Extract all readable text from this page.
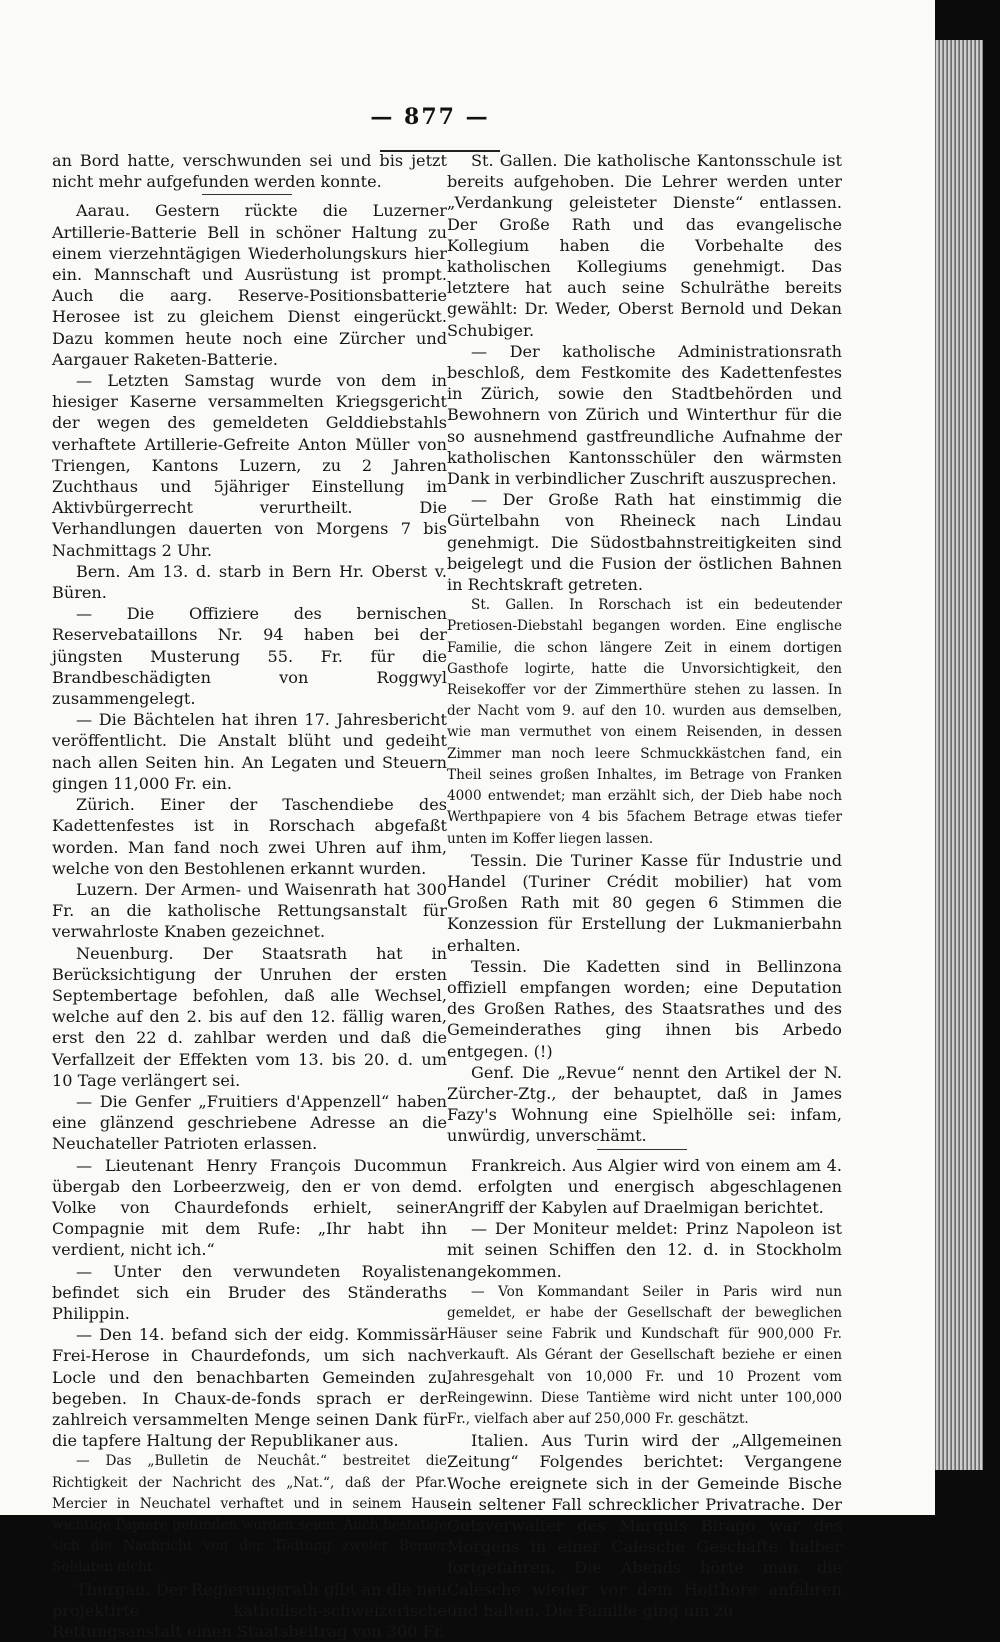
— 877 —

an Bord hatte, verschwunden sei und bis jetzt nicht mehr aufgefunden werden konnte.

Aarau. Gestern rückte die Luzerner Artillerie-Batterie Bell in schöner Haltung zu einem vierzehntägigen Wiederholungskurs hier ein. Mannschaft und Ausrüstung ist prompt. Auch die aarg. Reserve-Positionsbatterie Herosee ist zu gleichem Dienst eingerückt. Dazu kommen heute noch eine Zürcher und Aargauer Raketen-Batterie.

— Letzten Samstag wurde von dem in hiesiger Kaserne versammelten Kriegsgericht der wegen des gemeldeten Gelddiebstahls verhaftete Artillerie-Gefreite Anton Müller von Triengen, Kantons Luzern, zu 2 Jahren Zuchthaus und 5jähriger Einstellung im Aktivbürgerrecht verurtheilt. Die Verhandlungen dauerten von Morgens 7 bis Nachmittags 2 Uhr.

Bern. Am 13. d. starb in Bern Hr. Oberst v. Büren.

— Die Offiziere des bernischen Reservebataillons Nr. 94 haben bei der jüngsten Musterung 55. Fr. für die Brandbeschädigten von Roggwyl zusammengelegt.

— Die Bächtelen hat ihren 17. Jahresbericht veröffentlicht. Die Anstalt blüht und gedeiht nach allen Seiten hin. An Legaten und Steuern gingen 11,000 Fr. ein.

Zürich. Einer der Taschendiebe des Kadettenfestes ist in Rorschach abgefaßt worden. Man fand noch zwei Uhren auf ihm, welche von den Bestohlenen erkannt wurden.

Luzern. Der Armen- und Waisenrath hat 300 Fr. an die katholische Rettungsanstalt für verwahrloste Knaben gezeichnet.

Neuenburg. Der Staatsrath hat in Berücksichtigung der Unruhen der ersten Septembertage befohlen, daß alle Wechsel, welche auf den 2. bis auf den 12. fällig waren, erst den 22 d. zahlbar werden und daß die Verfallzeit der Effekten vom 13. bis 20. d. um 10 Tage verlängert sei.

— Die Genfer „Fruitiers d'Appenzell“ haben eine glänzend geschriebene Adresse an die Neuchateller Patrioten erlassen.

— Lieutenant Henry François Ducommun übergab den Lorbeerzweig, den er von dem Volke von Chaurdefonds erhielt, seiner Compagnie mit dem Rufe: „Ihr habt ihn verdient, nicht ich.“

— Unter den verwundeten Royalisten befindet sich ein Bruder des Ständeraths Philippin.

— Den 14. befand sich der eidg. Kommissär Frei-Herose in Chaurdefonds, um sich nach Locle und den benachbarten Gemeinden zu begeben. In Chaux-de-fonds sprach er der zahlreich versammelten Menge seinen Dank für die tapfere Haltung der Republikaner aus.

— Das „Bulletin de Neuchât.“ bestreitet die Richtigkeit der Nachricht des „Nat.“, daß der Pfar. Mercier in Neuchatel verhaftet und in seinem Haus wichtige Papiere gefunden worden seien. Auch bestätige sich die Nachricht von der Tödtung zweier Berner Soldaten nicht.

Thurgau. Der Regierungsrath gibt an die neu projektirte katholisch-schweizerische Rettungsanstalt einen Staatsbeitrag von 300 Fr.

St. Gallen. Die katholische Kantonsschule ist bereits aufgehoben. Die Lehrer werden unter „Verdankung geleisteter Dienste“ entlassen. Der Große Rath und das evangelische Kollegium haben die Vorbehalte des katholischen Kollegiums genehmigt. Das letztere hat auch seine Schulräthe bereits gewählt: Dr. Weder, Oberst Bernold und Dekan Schubiger.

— Der katholische Administrationsrath beschloß, dem Festkomite des Kadettenfestes in Zürich, sowie den Stadtbehörden und Bewohnern von Zürich und Winterthur für die so ausnehmend gastfreundliche Aufnahme der katholischen Kantonsschüler den wärmsten Dank in verbindlicher Zuschrift auszusprechen.

— Der Große Rath hat einstimmig die Gürtelbahn von Rheineck nach Lindau genehmigt. Die Südostbahnstreitigkeiten sind beigelegt und die Fusion der östlichen Bahnen in Rechtskraft getreten.

St. Gallen. In Rorschach ist ein bedeutender Pretiosen-Diebstahl begangen worden. Eine englische Familie, die schon längere Zeit in einem dortigen Gasthofe logirte, hatte die Unvorsichtigkeit, den Reisekoffer vor der Zimmerthüre stehen zu lassen. In der Nacht vom 9. auf den 10. wurden aus demselben, wie man vermuthet von einem Reisenden, in dessen Zimmer man noch leere Schmuckkästchen fand, ein Theil seines großen Inhaltes, im Betrage von Franken 4000 entwendet; man erzählt sich, der Dieb habe noch Werthpapiere von 4 bis 5fachem Betrage etwas tiefer unten im Koffer liegen lassen.

Tessin. Die Turiner Kasse für Industrie und Handel (Turiner Crédit mobilier) hat vom Großen Rath mit 80 gegen 6 Stimmen die Konzession für Erstellung der Lukmanierbahn erhalten.

Tessin. Die Kadetten sind in Bellinzona offiziell empfangen worden; eine Deputation des Großen Rathes, des Staatsrathes und des Gemeinderathes ging ihnen bis Arbedo entgegen. (!)

Genf. Die „Revue“ nennt den Artikel der N. Zürcher-Ztg., der behauptet, daß in James Fazy's Wohnung eine Spielhölle sei: infam, unwürdig, unverschämt.

Frankreich. Aus Algier wird von einem am 4. d. erfolgten und energisch abgeschlagenen Angriff der Kabylen auf Draelmigan berichtet.

— Der Moniteur meldet: Prinz Napoleon ist mit seinen Schiffen den 12. d. in Stockholm angekommen.

— Von Kommandant Seiler in Paris wird nun gemeldet, er habe der Gesellschaft der beweglichen Häuser seine Fabrik und Kundschaft für 900,000 Fr. verkauft. Als Gérant der Gesellschaft beziehe er einen Jahresgehalt von 10,000 Fr. und 10 Prozent vom Reingewinn. Diese Tantième wird nicht unter 100,000 Fr., vielfach aber auf 250,000 Fr. geschätzt.

Italien. Aus Turin wird der „Allgemeinen Zeitung“ Folgendes berichtet: Vergangene Woche ereignete sich in der Gemeinde Bische ein seltener Fall schrecklicher Privatrache. Der Gutsverwalter des Marquis Birago war des Morgens in einer Calesche Geschäfte halber fortgefahren. Die Abends hörte man die Calesche wieder vor dem Hofthore anfahren und halten. Die Familie ging um zu
